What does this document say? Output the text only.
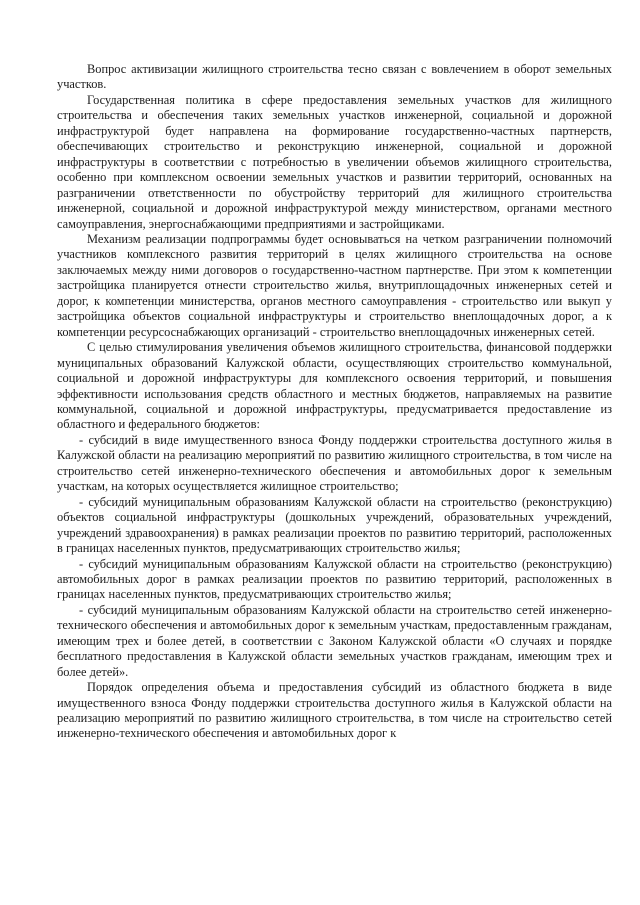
Вопрос активизации жилищного строительства тесно связан с вовлечением в оборот земельных участков.

Государственная политика в сфере предоставления земельных участков для жилищного строительства и обеспечения таких земельных участков инженерной, социальной и дорожной инфраструктурой будет направлена на формирование государственно-частных партнерств, обеспечивающих строительство и реконструкцию инженерной, социальной и дорожной инфраструктуры в соответствии с потребностью в увеличении объемов жилищного строительства, особенно при комплексном освоении земельных участков и развитии территорий, основанных на разграничении ответственности по обустройству территорий для жилищного строительства инженерной, социальной и дорожной инфраструктурой между министерством, органами местного самоуправления, энергоснабжающими предприятиями и застройщиками.

Механизм реализации подпрограммы будет основываться на четком разграничении полномочий участников комплексного развития территорий в целях жилищного строительства на основе заключаемых между ними договоров о государственно-частном партнерстве. При этом к компетенции застройщика планируется отнести строительство жилья, внутриплощадочных инженерных сетей и дорог, к компетенции министерства, органов местного самоуправления - строительство или выкуп у застройщика объектов социальной инфраструктуры и строительство внеплощадочных дорог, а к компетенции ресурсоснабжающих организаций - строительство внеплощадочных инженерных сетей.

С целью стимулирования увеличения объемов жилищного строительства, финансовой поддержки муниципальных образований Калужской области, осуществляющих строительство коммунальной, социальной и дорожной инфраструктуры для комплексного освоения территорий, и повышения эффективности использования средств областного и местных бюджетов, направляемых на развитие коммунальной, социальной и дорожной инфраструктуры, предусматривается предоставление из областного и федерального бюджетов:

- субсидий в виде имущественного взноса Фонду поддержки строительства доступного жилья в Калужской области на реализацию мероприятий по развитию жилищного строительства, в том числе на строительство сетей инженерно-технического обеспечения и автомобильных дорог к земельным участкам, на которых осуществляется жилищное строительство;

- субсидий муниципальным образованиям Калужской области на строительство (реконструкцию) объектов социальной инфраструктуры (дошкольных учреждений, образовательных учреждений, учреждений здравоохранения) в рамках реализации проектов по развитию территорий, расположенных в границах населенных пунктов, предусматривающих строительство жилья;

- субсидий муниципальным образованиям Калужской области на строительство (реконструкцию) автомобильных дорог в рамках реализации проектов по развитию территорий, расположенных в границах населенных пунктов, предусматривающих строительство жилья;

- субсидий муниципальным образованиям Калужской области на строительство сетей инженерно-технического обеспечения и автомобильных дорог к земельным участкам, предоставленным гражданам, имеющим трех и более детей, в соответствии с Законом Калужской области «О случаях и порядке бесплатного предоставления в Калужской области земельных участков гражданам, имеющим трех и более детей».

Порядок определения объема и предоставления субсидий из областного бюджета в виде имущественного взноса Фонду поддержки строительства доступного жилья в Калужской области на реализацию мероприятий по развитию жилищного строительства, в том числе на строительство сетей инженерно-технического обеспечения и автомобильных дорог к
